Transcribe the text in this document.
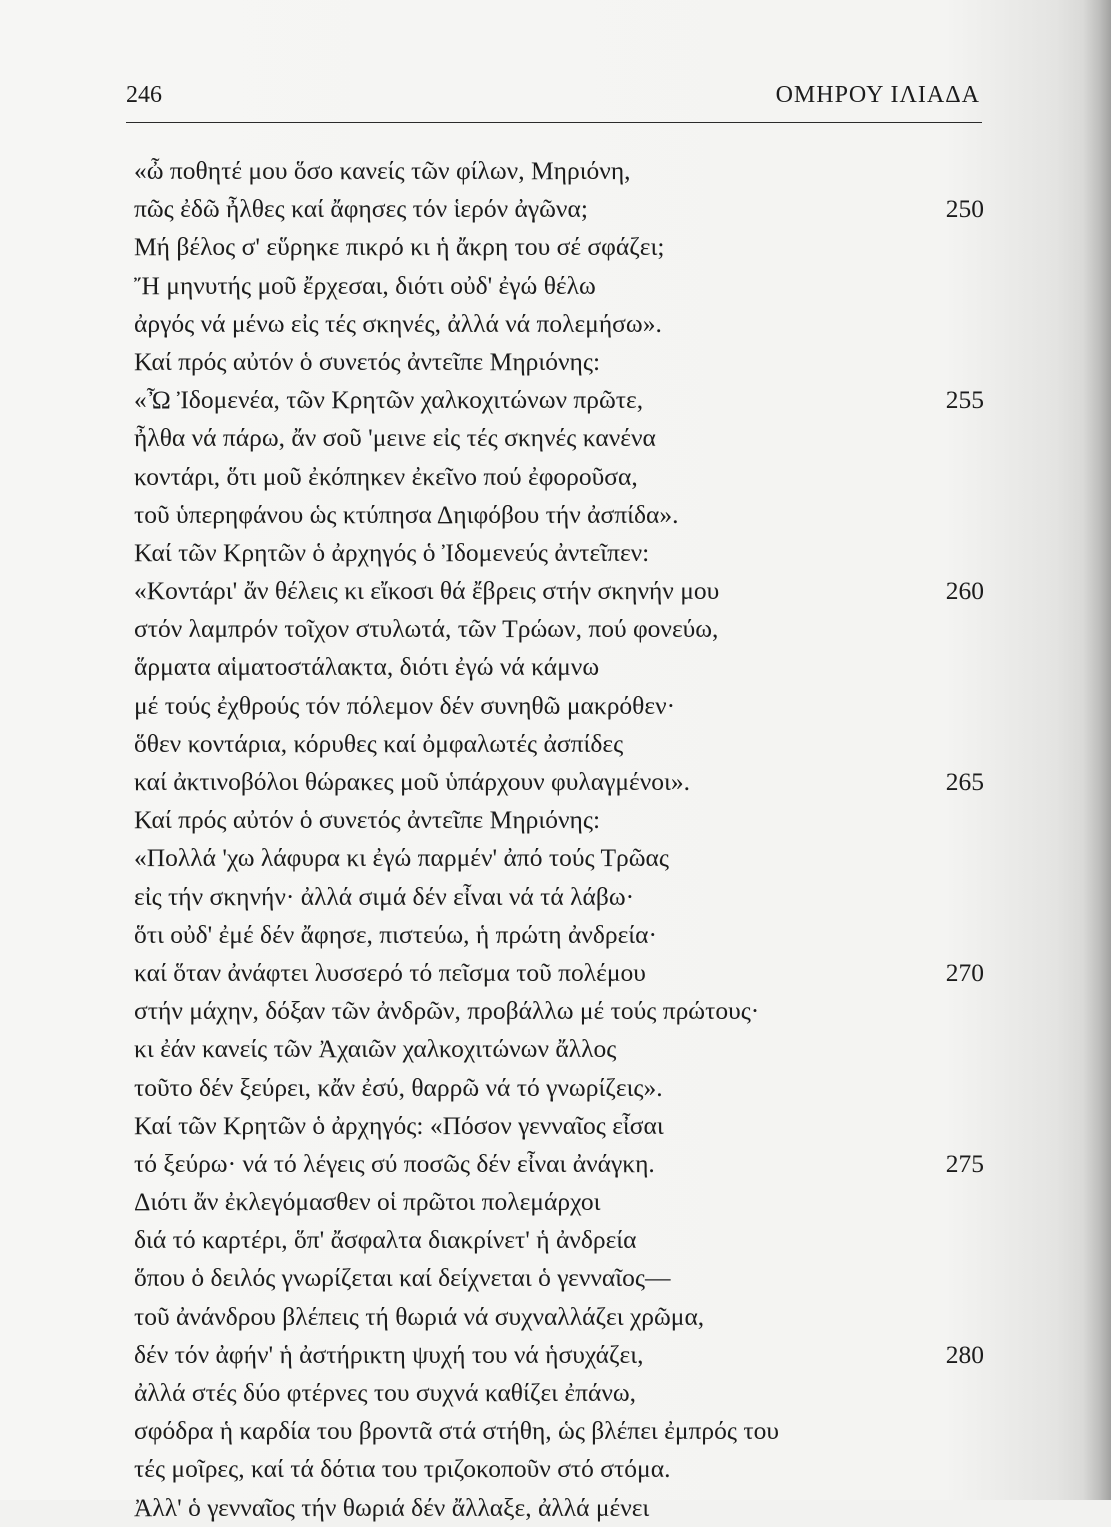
246	ΟΜΗΡΟΥ ΙΛΙΑΔΑ
«ὦ ποθητέ μου ὅσο κανείς τῶν φίλων, Μηριόνη,
πῶς ἐδῶ ἦλθες καί ἄφησες τόν ἱερόν ἀγῶνα;	250
Μή βέλος σ' εὕρηκε πικρό κι ἡ ἄκρη του σέ σφάζει;
Ἤ μηνυτής μοῦ ἔρχεσαι, διότι οὐδ' ἐγώ θέλω
ἀργός νά μένω εἰς τές σκηνές, ἀλλά νά πολεμήσω».
Καί πρός αὐτόν ὁ συνετός ἀντεῖπε Μηριόνης:
«Ὦ Ἰδομενέα, τῶν Κρητῶν χαλκοχιτώνων πρῶτε,	255
ἦλθα νά πάρω, ἄν σοῦ 'μεινε εἰς τές σκηνές κανένα
κοντάρι, ὅτι μοῦ ἐκόπηκεν ἐκεῖνο πού ἐφοροῦσα,
τοῦ ὑπερηφάνου ὡς κτύπησα Δηιφόβου τήν ἀσπίδα».
Καί τῶν Κρητῶν ὁ ἀρχηγός ὁ Ἰδομενεύς ἀντεῖπεν:
«Κοντάρι' ἄν θέλεις κι εἴκοσι θά ἔβρεις στήν σκηνήν μου	260
στόν λαμπρόν τοῖχον στυλωτά, τῶν Τρώων, πού φονεύω,
ἅρματα αἱματοστάλακτα, διότι ἐγώ νά κάμνω
μέ τούς ἐχθρούς τόν πόλεμον δέν συνηθῶ μακρόθεν·
ὅθεν κοντάρια, κόρυθες καί ὀμφαλωτές ἀσπίδες
καί ἀκτινοβόλοι θώρακες μοῦ ὑπάρχουν φυλαγμένοι».	265
Καί πρός αὐτόν ὁ συνετός ἀντεῖπε Μηριόνης:
«Πολλά 'χω λάφυρα κι ἐγώ παρμέν' ἀπό τούς Τρῶας
εἰς τήν σκηνήν· ἀλλά σιμά δέν εἶναι νά τά λάβω·
ὅτι οὐδ' ἐμέ δέν ἄφησε, πιστεύω, ἡ πρώτη ἀνδρεία·
καί ὅταν ἀνάφτει λυσσερό τό πεῖσμα τοῦ πολέμου	270
στήν μάχην, δόξαν τῶν ἀνδρῶν, προβάλλω μέ τούς πρώτους·
κι ἐάν κανείς τῶν Ἀχαιῶν χαλκοχιτώνων ἄλλος
τοῦτο δέν ξεύρει, κἄν ἐσύ, θαρρῶ νά τό γνωρίζεις».
Καί τῶν Κρητῶν ὁ ἀρχηγός: «Πόσον γενναῖος εἶσαι
τό ξεύρω· νά τό λέγεις σύ ποσῶς δέν εἶναι ἀνάγκη.	275
Διότι ἄν ἐκλεγόμασθεν οἱ πρῶτοι πολεμάρχοι
διά τό καρτέρι, ὅπ' ἄσφαλτα διακρίνετ' ἡ ἀνδρεία
ὅπου ὁ δειλός γνωρίζεται καί δείχνεται ὁ γενναῖος—
τοῦ ἀνάνδρου βλέπεις τή θωριά νά συχναλλάζει χρῶμα,
δέν τόν ἀφήν' ἡ ἀστήρικτη ψυχή του νά ἡσυχάζει,	280
ἀλλά στές δύο φτέρνες του συχνά καθίζει ἐπάνω,
σφόδρα ἡ καρδία του βροντᾶ στά στήθη, ὡς βλέπει ἐμπρός του
τές μοῖρες, καί τά δότια του τριζοκοποῦν στό στόμα.
Ἀλλ' ὁ γενναῖος τήν θωριά δέν ἄλλαξε, ἀλλά μένει
